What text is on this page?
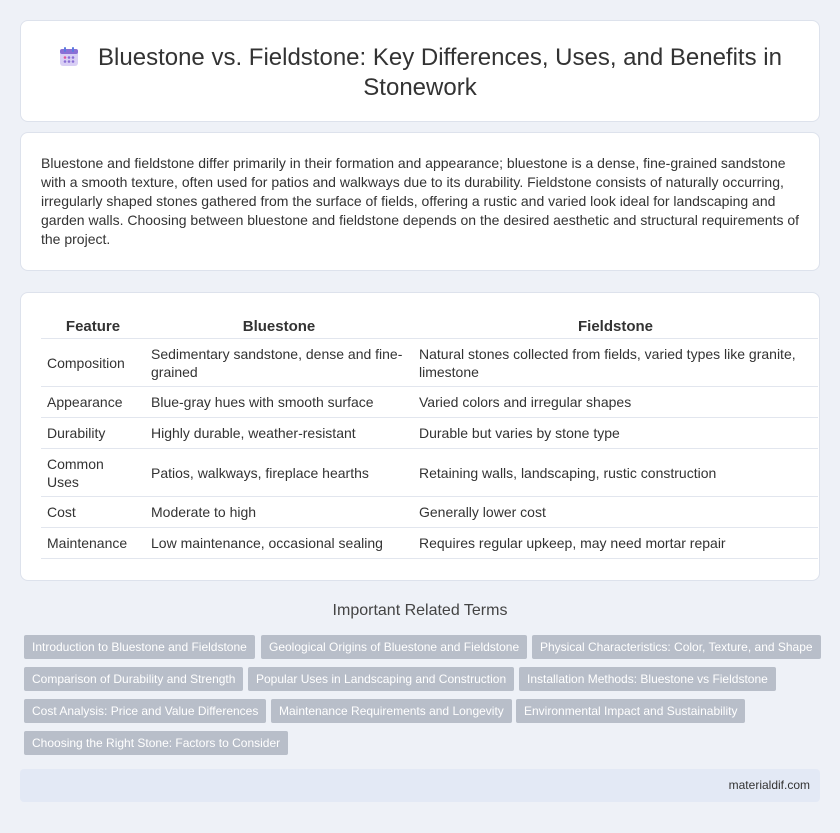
Bluestone vs. Fieldstone: Key Differences, Uses, and Benefits in Stonework

Bluestone and fieldstone differ primarily in their formation and appearance; bluestone is a dense, fine-grained sandstone with a smooth texture, often used for patios and walkways due to its durability. Fieldstone consists of naturally occurring, irregularly shaped stones gathered from the surface of fields, offering a rustic and varied look ideal for landscaping and garden walls. Choosing between bluestone and fieldstone depends on the desired aesthetic and structural requirements of the project.

Feature	Bluestone	Fieldstone
Composition	Sedimentary sandstone, dense and fine-grained	Natural stones collected from fields, varied types like granite, limestone
Appearance	Blue-gray hues with smooth surface	Varied colors and irregular shapes
Durability	Highly durable, weather-resistant	Durable but varies by stone type
Common Uses	Patios, walkways, fireplace hearths	Retaining walls, landscaping, rustic construction
Cost	Moderate to high	Generally lower cost
Maintenance	Low maintenance, occasional sealing	Requires regular upkeep, may need mortar repair
Important Related Terms
Introduction to Bluestone and Fieldstone	Geological Origins of Bluestone and Fieldstone	Physical Characteristics: Color, Texture, and Shape
Comparison of Durability and Strength	Popular Uses in Landscaping and Construction	Installation Methods: Bluestone vs Fieldstone
Cost Analysis: Price and Value Differences	Maintenance Requirements and Longevity	Environmental Impact and Sustainability
Choosing the Right Stone: Factors to Consider
materialdif.com
